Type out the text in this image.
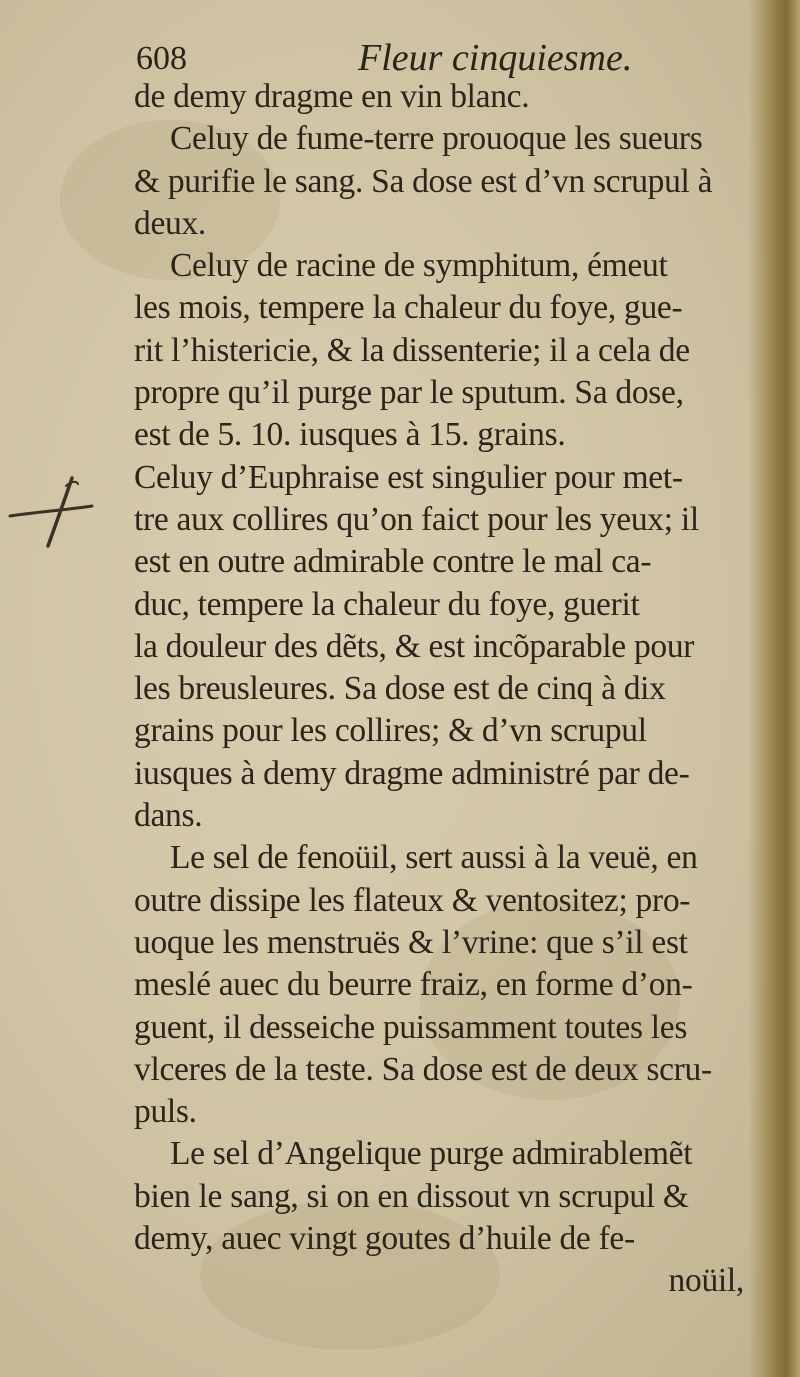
608	Fleur cinquiesme.
de demy dragme en vin blanc.
Celuy de fume-terre prouoque les sueurs
& purifie le sang. Sa dose est d’vn scrupul à
deux.
Celuy de racine de symphitum, émeut
les mois, tempere la chaleur du foye, gue-
rit l’histericie, & la dissenterie; il a cela de
propre qu’il purge par le sputum. Sa dose,
est de 5. 10. iusques à 15. grains.
Celuy d’Euphraise est singulier pour met-
tre aux collires qu’on faict pour les yeux; il
est en outre admirable contre le mal ca-
duc, tempere la chaleur du foye, guerit
la douleur des dẽts, & est incõparable pour
les breusleures. Sa dose est de cinq à dix
grains pour les collires; & d’vn scrupul
iusques à demy dragme administré par de-
dans.
Le sel de fenoüil, sert aussi à la veuë, en
outre dissipe les flateux & ventositez; pro-
uoque les menstruës & l’vrine: que s’il est
meslé auec du beurre fraiz, en forme d’on-
guent, il desseiche puissamment toutes les
vlceres de la teste. Sa dose est de deux scru-
puls.
Le sel d’Angelique purge admirablemẽt
bien le sang, si on en dissout vn scrupul &
demy, auec vingt goutes d’huile de fe-
noüil,
